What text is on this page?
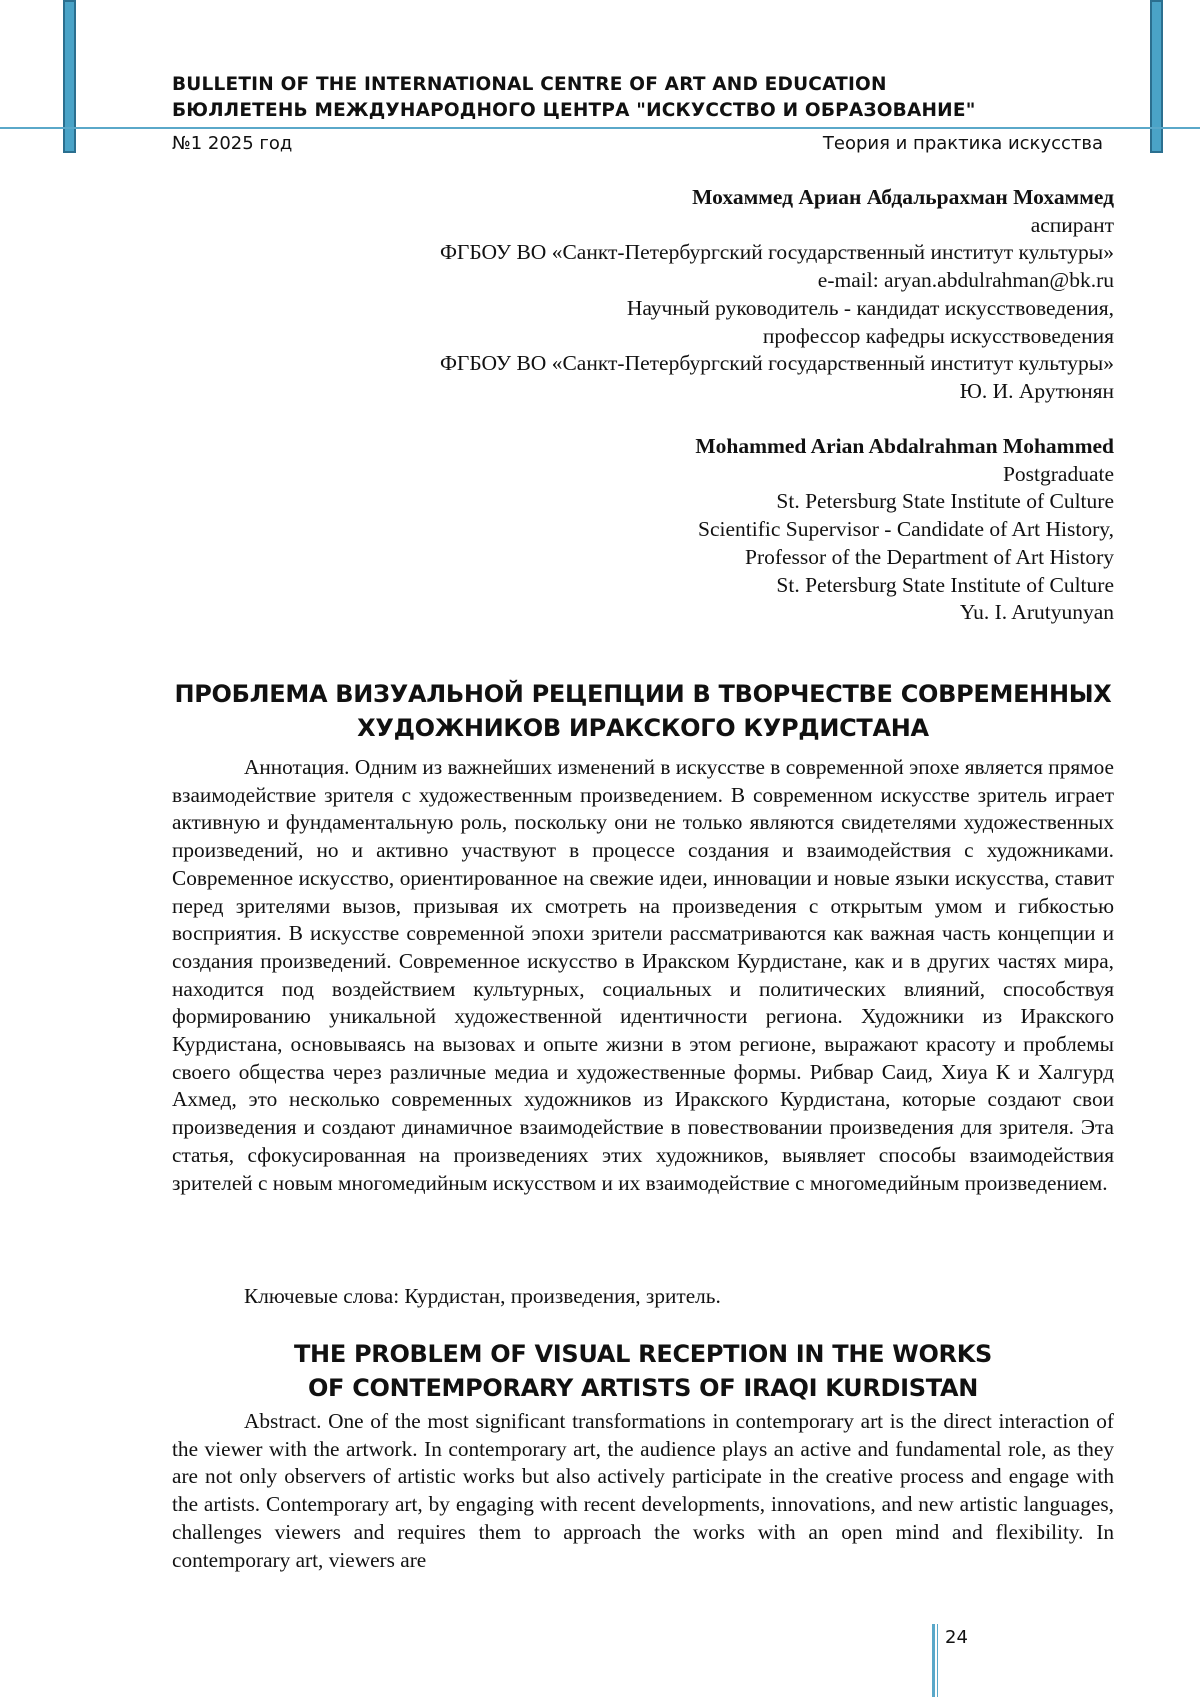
BULLETIN OF THE INTERNATIONAL CENTRE OF ART AND EDUCATION
БЮЛЛЕТЕНЬ МЕЖДУНАРОДНОГО ЦЕНТРА "ИСКУССТВО И ОБРАЗОВАНИЕ"
№1 2025 год	Теория и практика искусства
Мохаммед Ариан Абдальрахман Мохаммед
аспирант
ФГБОУ ВО «Санкт-Петербургский государственный институт культуры»
e-mail: aryan.abdulrahman@bk.ru
Научный руководитель - кандидат искусствоведения,
профессор кафедры искусствоведения
ФГБОУ ВО «Санкт-Петербургский государственный институт культуры»
Ю. И. Арутюнян
Mohammed Arian Abdalrahman Mohammed
Postgraduate
St. Petersburg State Institute of Culture
Scientific Supervisor - Candidate of Art History,
Professor of the Department of Art History
St. Petersburg State Institute of Culture
Yu. I. Arutyunyan
ПРОБЛЕМА ВИЗУАЛЬНОЙ РЕЦЕПЦИИ В ТВОРЧЕСТВЕ СОВРЕМЕННЫХ
ХУДОЖНИКОВ ИРАКСКОГО КУРДИСТАНА

Аннотация. Одним из важнейших изменений в искусстве в современной эпохе является прямое взаимодействие зрителя с художественным произведением. В современном искусстве зритель играет активную и фундаментальную роль, поскольку они не только являются свидетелями художественных произведений, но и активно участвуют в процессе создания и взаимодействия с художниками. Современное искусство, ориентированное на свежие идеи, инновации и новые языки искусства, ставит перед зрителями вызов, призывая их смотреть на произведения с открытым умом и гибкостью восприятия. В искусстве современной эпохи зрители рассматриваются как важная часть концепции и создания произведений. Современное искусство в Иракском Курдистане, как и в других частях мира, находится под воздействием культурных, социальных и политических влияний, способствуя формированию уникальной художественной идентичности региона. Художники из Иракского Курдистана, основываясь на вызовах и опыте жизни в этом регионе, выражают красоту и проблемы своего общества через различные медиа и художественные формы. Рибвар Саид, Хиуа К и Халгурд Ахмед, это несколько современных художников из Иракского Курдистана, которые создают свои произведения и создают динамичное взаимодействие в повествовании произведения для зрителя. Эта статья, сфокусированная на произведениях этих художников, выявляет способы взаимодействия зрителей с новым многомедийным искусством и их взаимодействие с многомедийным произведением.

Ключевые слова: Курдистан, произведения, зритель.

THE PROBLEM OF VISUAL RECEPTION IN THE WORKS
OF CONTEMPORARY ARTISTS OF IRAQI KURDISTAN

Abstract. One of the most significant transformations in contemporary art is the direct interaction of the viewer with the artwork. In contemporary art, the audience plays an active and fundamental role, as they are not only observers of artistic works but also actively participate in the creative process and engage with the artists. Contemporary art, by engaging with recent developments, innovations, and new artistic languages, challenges viewers and requires them to approach the works with an open mind and flexibility. In contemporary art, viewers are

24
